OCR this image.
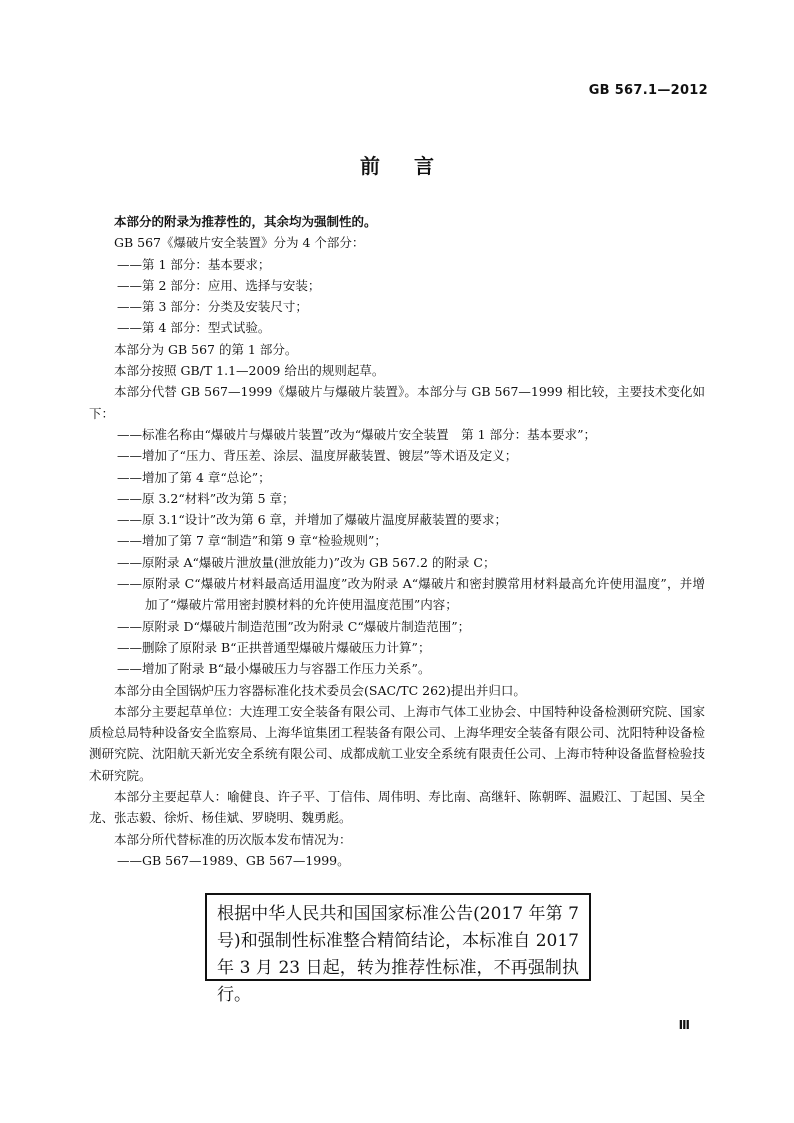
GB 567.1—2012
前言

本部分的附录为推荐性的，其余均为强制性的。

GB 567《爆破片安全装置》分为 4 个部分：

——第 1 部分：基本要求；

——第 2 部分：应用、选择与安装；

——第 3 部分：分类及安装尺寸；

——第 4 部分：型式试验。

本部分为 GB 567 的第 1 部分。

本部分按照 GB/T 1.1—2009 给出的规则起草。

本部分代替 GB 567—1999《爆破片与爆破片装置》。本部分与 GB 567—1999 相比较，主要技术变化如下：

——标准名称由“爆破片与爆破片装置”改为“爆破片安全装置　第 1 部分：基本要求”；

——增加了“压力、背压差、涂层、温度屏蔽装置、镀层”等术语及定义；

——增加了第 4 章“总论”；

——原 3.2“材料”改为第 5 章；

——原 3.1“设计”改为第 6 章，并增加了爆破片温度屏蔽装置的要求；

——增加了第 7 章“制造”和第 9 章“检验规则”；

——原附录 A“爆破片泄放量(泄放能力)”改为 GB 567.2 的附录 C；

——原附录 C“爆破片材料最高适用温度”改为附录 A“爆破片和密封膜常用材料最高允许使用温度”，并增加了“爆破片常用密封膜材料的允许使用温度范围”内容；

——原附录 D“爆破片制造范围”改为附录 C“爆破片制造范围”；

——删除了原附录 B“正拱普通型爆破片爆破压力计算”；

——增加了附录 B“最小爆破压力与容器工作压力关系”。

本部分由全国锅炉压力容器标准化技术委员会(SAC/TC 262)提出并归口。

本部分主要起草单位：大连理工安全装备有限公司、上海市气体工业协会、中国特种设备检测研究院、国家质检总局特种设备安全监察局、上海华谊集团工程装备有限公司、上海华理安全装备有限公司、沈阳特种设备检测研究院、沈阳航天新光安全系统有限公司、成都成航工业安全系统有限责任公司、上海市特种设备监督检验技术研究院。

本部分主要起草人：喻健良、许子平、丁信伟、周伟明、寿比南、高继轩、陈朝晖、温殿江、丁起国、吴全龙、张志毅、徐炘、杨佳斌、罗晓明、魏勇彪。

本部分所代替标准的历次版本发布情况为：

——GB 567—1989、GB 567—1999。

根据中华人民共和国国家标准公告(2017 年第 7 号)和强制性标准整合精简结论，本标准自 2017 年 3 月 23 日起，转为推荐性标准，不再强制执行。
Ⅲ
